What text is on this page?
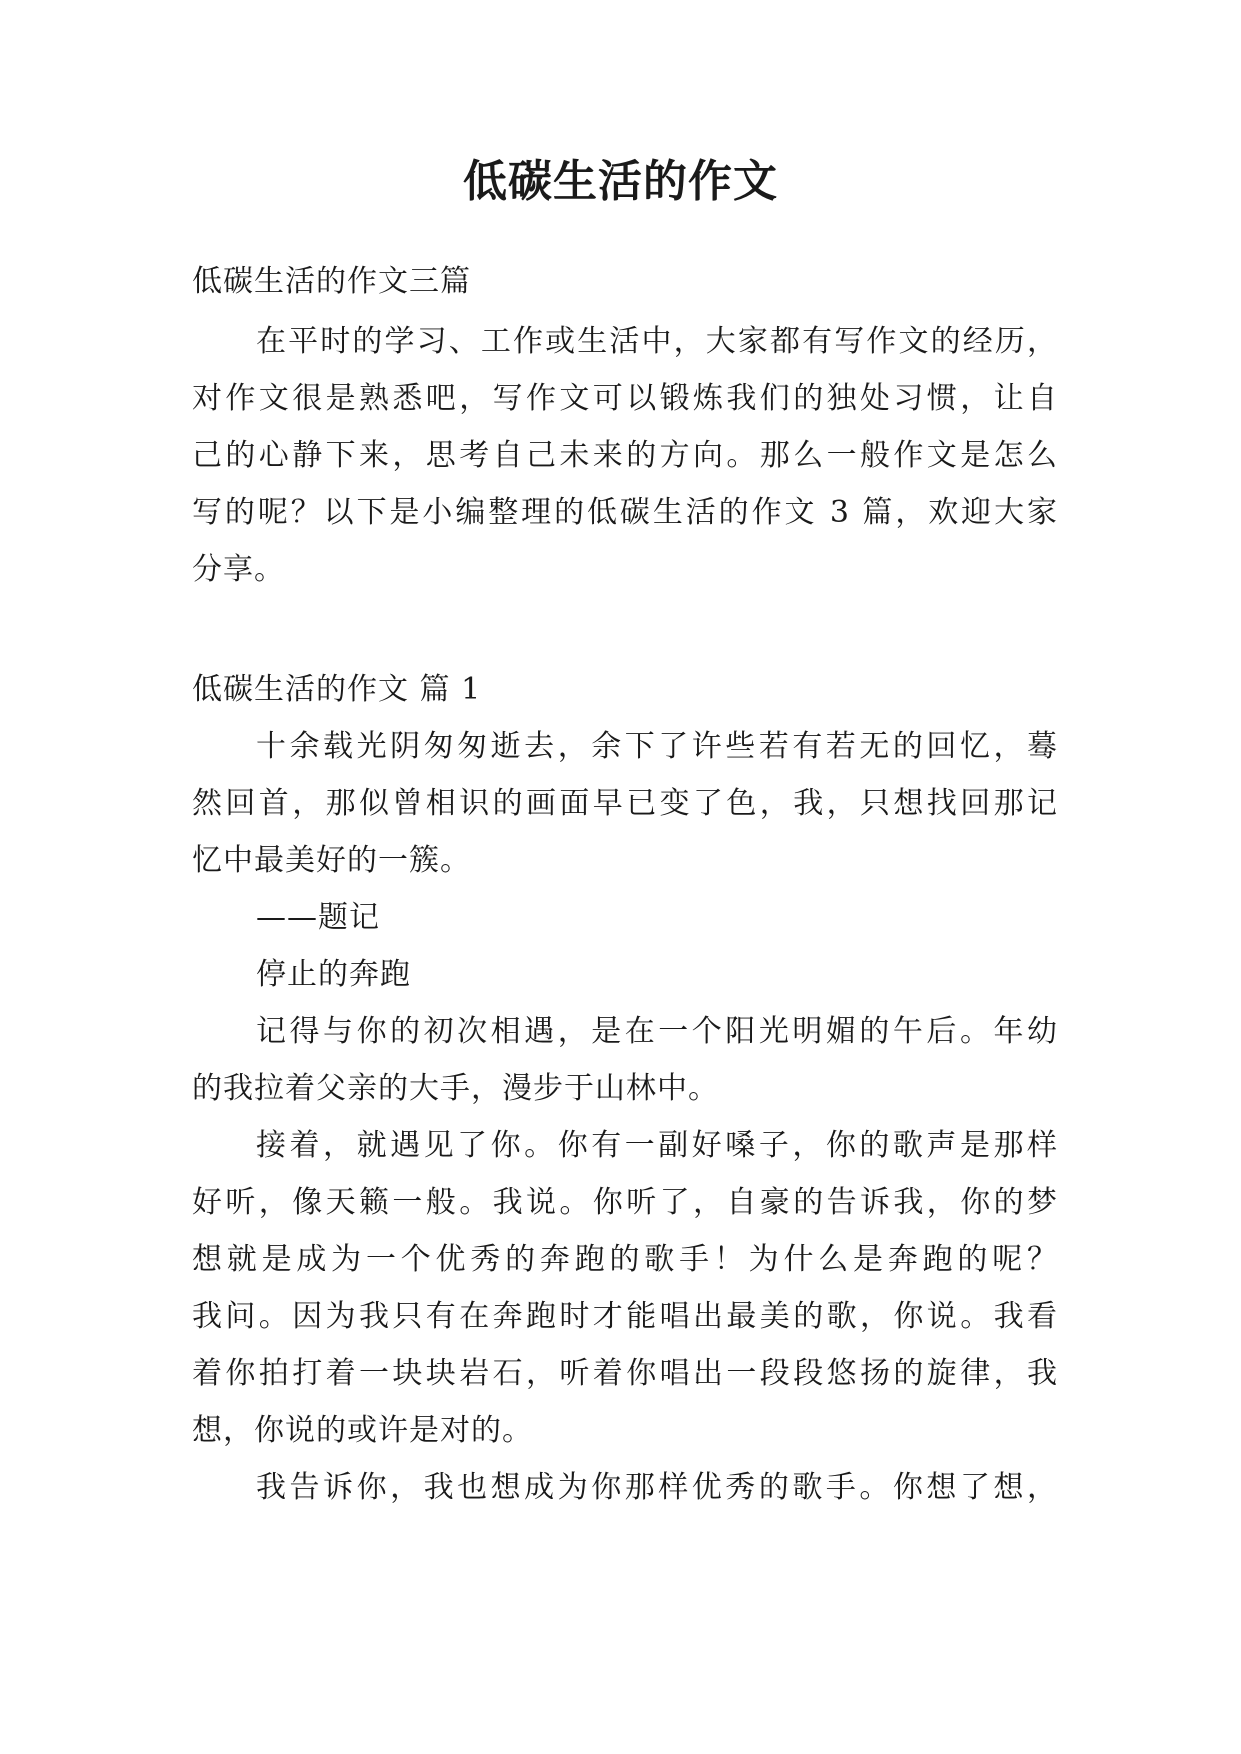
低碳生活的作文
低碳生活的作文三篇
在平时的学习、工作或生活中，大家都有写作文的经历，
对作文很是熟悉吧，写作文可以锻炼我们的独处习惯，让自
己的心静下来，思考自己未来的方向。那么一般作文是怎么
写的呢？以下是小编整理的低碳生活的作文 3 篇，欢迎大家
分享。
低碳生活的作文 篇 1
十余载光阴匆匆逝去，余下了许些若有若无的回忆，蓦
然回首，那似曾相识的画面早已变了色，我，只想找回那记
忆中最美好的一簇。
——题记
停止的奔跑
记得与你的初次相遇，是在一个阳光明媚的午后。年幼
的我拉着父亲的大手，漫步于山林中。
接着，就遇见了你。你有一副好嗓子，你的歌声是那样
好听，像天籁一般。我说。你听了，自豪的告诉我，你的梦
想就是成为一个优秀的奔跑的歌手！为什么是奔跑的呢？
我问。因为我只有在奔跑时才能唱出最美的歌，你说。我看
着你拍打着一块块岩石，听着你唱出一段段悠扬的旋律，我
想，你说的或许是对的。
我告诉你，我也想成为你那样优秀的歌手。你想了想，
